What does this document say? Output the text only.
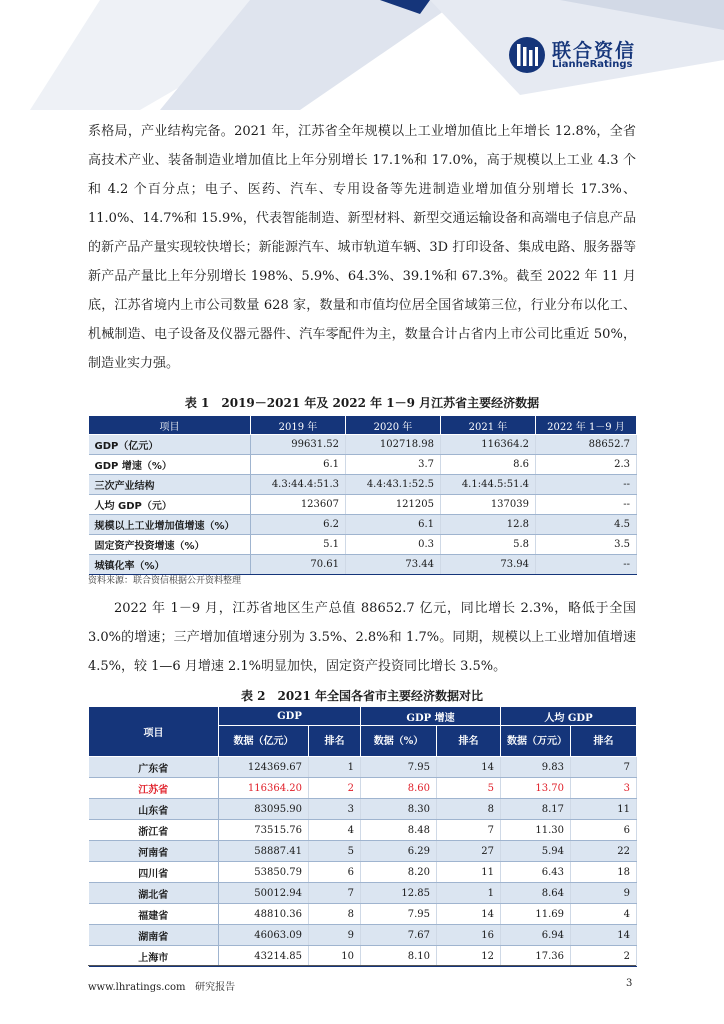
联合资信
LianheRatings

系格局，产业结构完备。2021 年，江苏省全年规模以上工业增加值比上年增长 12.8%，全省高技术产业、装备制造业增加值比上年分别增长 17.1%和 17.0%，高于规模以上工业 4.3 个和 4.2 个百分点；电子、医药、汽车、专用设备等先进制造业增加值分别增长 17.3%、11.0%、14.7%和 15.9%，代表智能制造、新型材料、新型交通运输设备和高端电子信息产品的新产品产量实现较快增长；新能源汽车、城市轨道车辆、3D 打印设备、集成电路、服务器等新产品产量比上年分别增长 198%、5.9%、64.3%、39.1%和 67.3%。截至 2022 年 11 月底，江苏省境内上市公司数量 628 家，数量和市值均位居全国省域第三位，行业分布以化工、机械制造、电子设备及仪器元器件、汽车零配件为主，数量合计占省内上市公司比重近 50%，制造业实力强。

表 1　2019－2021 年及 2022 年 1－9 月江苏省主要经济数据
项目	2019 年	2020 年	2021 年	2022 年 1－9 月
GDP（亿元）	99631.52	102718.98	116364.2	88652.7
GDP 增速（%）	6.1	3.7	8.6	2.3
三次产业结构	4.3:44.4:51.3	4.4:43.1:52.5	4.1:44.5:51.4	--
人均 GDP（元）	123607	121205	137039	--
规模以上工业增加值增速（%）	6.2	6.1	12.8	4.5
固定资产投资增速（%）	5.1	0.3	5.8	3.5
城镇化率（%）	70.61	73.44	73.94	--
资料来源：联合资信根据公开资料整理

2022 年 1－9 月，江苏省地区生产总值 88652.7 亿元，同比增长 2.3%，略低于全国 3.0%的增速；三产增加值增速分别为 3.5%、2.8%和 1.7%。同期，规模以上工业增加值增速 4.5%，较 1—6 月增速 2.1%明显加快，固定资产投资同比增长 3.5%。

表 2　2021 年全国各省市主要经济数据对比
项目	GDP		GDP 增速		人均 GDP	
	数据（亿元）	排名	数据（%）	排名	数据（万元）	排名
广东省	124369.67	1	7.95	14	9.83	7
江苏省	116364.20	2	8.60	5	13.70	3
山东省	83095.90	3	8.30	8	8.17	11
浙江省	73515.76	4	8.48	7	11.30	6
河南省	58887.41	5	6.29	27	5.94	22
四川省	53850.79	6	8.20	11	6.43	18
湖北省	50012.94	7	12.85	1	8.64	9
福建省	48810.36	8	7.95	14	11.69	4
湖南省	46063.09	9	7.67	16	6.94	14
上海市	43214.85	10	8.10	12	17.36	2
www.lhratings.com 研究报告	3
